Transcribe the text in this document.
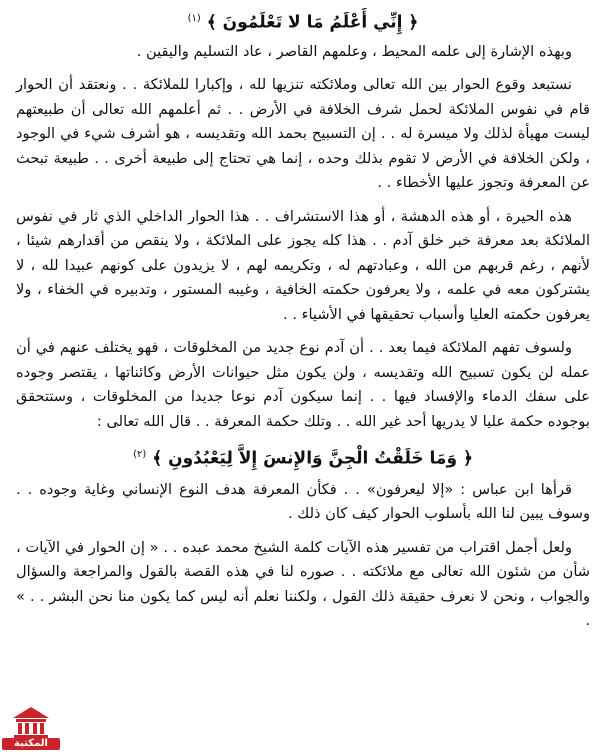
﴿ إِنِّي أَعْلَمُ مَا لا تَعْلَمُونَ ﴾ $^{(١)}$

وبهذه الإشارة إلى علمه المحيط ، وعلمهم القاصر ، عاد التسليم واليقين .

نستبعد وقوع الحوار بين الله تعالى وملائكته تنزيها لله ، وإكبارا للملائكة . . ونعتقد أن الحوار قام في نفوس الملائكة لحمل شرف الخلافة في الأرض . . ثم أعلمهم الله تعالى أن طبيعتهم ليست مهيأة لذلك ولا ميسرة له . . إن التسبيح بحمد الله وتقديسه ، هو أشرف شيء في الوجود ، ولكن الخلافة في الأرض لا تقوم بذلك وحده ، إنما هي تحتاج إلى طبيعة أخرى . . طبيعة تبحث عن المعرفة وتجوز عليها الأخطاء . .

هذه الحيرة ، أو هذه الدهشة ، أو هذا الاستشراف . . هذا الحوار الداخلي الذي ثار في نفوس الملائكة بعد معرفة خبر خلق آدم . . هذا كله يجوز على الملائكة ، ولا ينقص من أقدارهم شيئا ، لأنهم ، رغم قربهم من الله ، وعبادتهم له ، وتكريمه لهم ، لا يزيدون على كونهم عبيدا لله ، لا يشتركون معه في علمه ، ولا يعرفون حكمته الخافية ، وغيبه المستور ، وتدبيره في الخفاء ، ولا يعرفون حكمته العليا وأسباب تحقيقها في الأشياء . .

ولسوف تفهم الملائكة فيما بعد . . أن آدم نوع جديد من المخلوقات ، فهو يختلف عنهم في أن عمله لن يكون تسبيح الله وتقديسه ، ولن يكون مثل حيوانات الأرض وكائناتها ، يقتصر وجوده على سفك الدماء والإفساد فيها . . إنما سيكون آدم نوعا جديدا من المخلوقات ، وستتحقق بوجوده حكمة عليا لا يدريها أحد غير الله . . وتلك حكمة المعرفة . . قال الله تعالى :

﴿ وَمَا خَلَقْتُ الْجِنَّ وَالإِنسَ إِلاَّ لِيَعْبُدُونِ ﴾ $^{(٢)}$

قرأها ابن عباس : «إلا ليعرفون» . . فكأن المعرفة هدف النوع الإنساني وغاية وجوده . . وسوف يبين لنا الله بأسلوب الحوار كيف كان ذلك .

ولعل أجمل اقتراب من تفسير هذه الآيات كلمة الشيخ محمد عبده . . « إن الحوار في الآيات ، شأن من شئون الله تعالى مع ملائكته . . صوره لنا في هذه القصة بالقول والمراجعة والسؤال والجواب ، ونحن لا نعرف حقيقة ذلك القول ، ولكننا نعلم أنه ليس كما يكون منا نحن البشر . . » .

المكتبة
